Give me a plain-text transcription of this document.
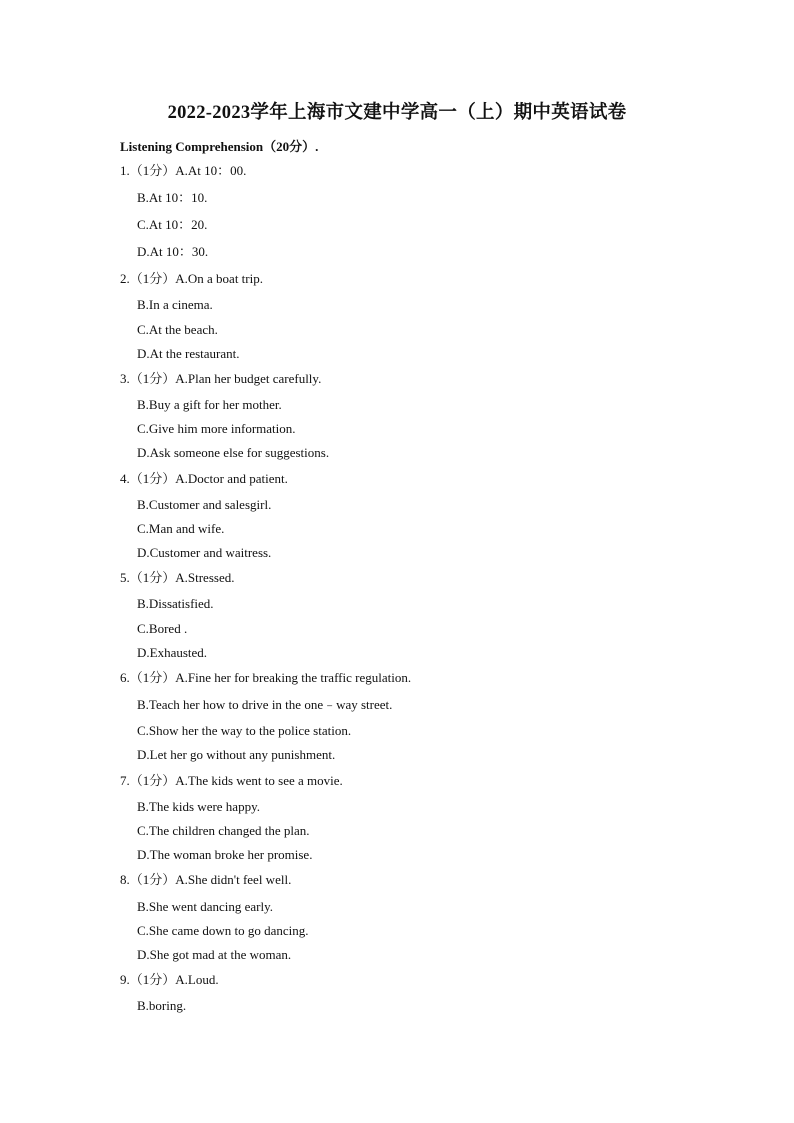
2022-2023学年上海市文建中学高一（上）期中英语试卷
Listening Comprehension（20分）.
1.（1分）A.At 10：00.
B.At 10：10.
C.At 10：20.
D.At 10：30.
2.（1分）A.On a boat trip.
B.In a cinema.
C.At the beach.
D.At the restaurant.
3.（1分）A.Plan her budget carefully.
B.Buy a gift for her mother.
C.Give him more information.
D.Ask someone else for suggestions.
4.（1分）A.Doctor and patient.
B.Customer and salesgirl.
C.Man and wife.
D.Customer and waitress.
5.（1分）A.Stressed.
B.Dissatisfied.
C.Bored .
D.Exhausted.
6.（1分）A.Fine her for breaking the traffic regulation.
B.Teach her how to drive in the one﹣way street.
C.Show her the way to the police station.
D.Let her go without any punishment.
7.（1分）A.The kids went to see a movie.
B.The kids were happy.
C.The children changed the plan.
D.The woman broke her promise.
8.（1分）A.She didn't feel well.
B.She went dancing early.
C.She came down to go dancing.
D.She got mad at the woman.
9.（1分）A.Loud.
B.boring.
